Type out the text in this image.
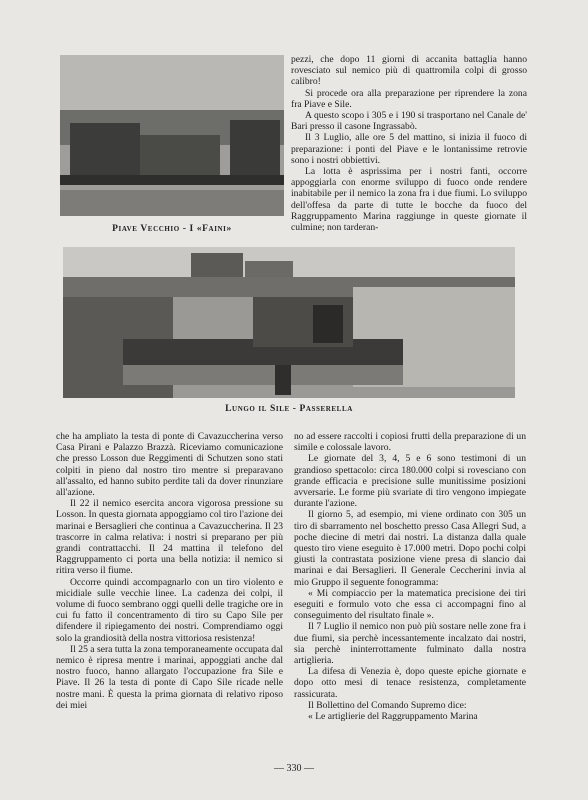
Piave Vecchio - I «Faini»

pezzi, che dopo 11 giorni di accanita battaglia hanno rovesciato sul nemico più di quattromila colpi di grosso calibro!

Si procede ora alla preparazione per riprendere la zona fra Piave e Sile.

A questo scopo i 305 e i 190 si trasportano nel Canale de' Bari presso il casone Ingrassabò.

Il 3 Luglio, alle ore 5 del mattino, si inizia il fuoco di preparazione: i ponti del Piave e le lontanissime retrovie sono i nostri obbiettivi.

La lotta è asprissima per i nostri fanti, occorre appoggiarla con enorme sviluppo di fuoco onde rendere inabitabile per il nemico la zona fra i due fiumi. Lo sviluppo dell'offesa da parte di tutte le bocche da fuoco del Raggruppamento Marina raggiunge in queste giornate il culmine; non tarderan-

Lungo il Sile - Passerella

che ha ampliato la testa di ponte di Cavazuccherina verso Casa Pirani e Palazzo Brazzà. Riceviamo comunicazione che presso Losson due Reggimenti di Schutzen sono stati colpiti in pieno dal nostro tiro mentre si preparavano all'assalto, ed hanno subito perdite tali da dover rinunziare all'azione.

Il 22 il nemico esercita ancora vigorosa pressione su Losson. In questa giornata appoggiamo col tiro l'azione dei marinai e Bersaglieri che continua a Cavazuccherina. Il 23 trascorre in calma relativa: i nostri si preparano per più grandi contrattacchi. Il 24 mattina il telefono del Raggruppamento ci porta una bella notizia: il nemico si ritira verso il fiume.

Occorre quindi accompagnarlo con un tiro violento e micidiale sulle vecchie linee. La cadenza dei colpi, il volume di fuoco sembrano oggi quelli delle tragiche ore in cui fu fatto il concentramento di tiro su Capo Sile per difendere il ripiegamento dei nostri. Comprendiamo oggi solo la grandiosità della nostra vittoriosa resistenza!

Il 25 a sera tutta la zona temporaneamente occupata dal nemico è ripresa mentre i marinai, appoggiati anche dal nostro fuoco, hanno allargato l'occupazione fra Sile e Piave. Il 26 la testa di ponte di Capo Sile ricade nelle nostre mani. È questa la prima giornata di relativo riposo dei miei

no ad essere raccolti i copiosi frutti della preparazione di un simile e colossale lavoro.

Le giornate del 3, 4, 5 e 6 sono testimoni di un grandioso spettacolo: circa 180.000 colpi si rovesciano con grande efficacia e precisione sulle munitissime posizioni avversarie. Le forme più svariate di tiro vengono impiegate durante l'azione.

Il giorno 5, ad esempio, mi viene ordinato con 305 un tiro di sbarramento nel boschetto presso Casa Allegri Sud, a poche diecine di metri dai nostri. La distanza dalla quale questo tiro viene eseguito è 17.000 metri. Dopo pochi colpi giusti la contrastata posizione viene presa di slancio dai marinai e dai Bersaglieri. Il Generale Ceccherini invia al mio Gruppo il seguente fonogramma:

« Mi compiaccio per la matematica precisione dei tiri eseguiti e formulo voto che essa ci accompagni fino al conseguimento del risultato finale ».

Il 7 Luglio il nemico non può più sostare nelle zone fra i due fiumi, sia perchè incessantemente incalzato dai nostri, sia perchè ininterrottamente fulminato dalla nostra artiglieria.

La difesa di Venezia è, dopo queste epiche giornate e dopo otto mesi di tenace resistenza, completamente rassicurata.

Il Bollettino del Comando Supremo dice:

« Le artiglierie del Raggruppamento Marina

— 330 —
